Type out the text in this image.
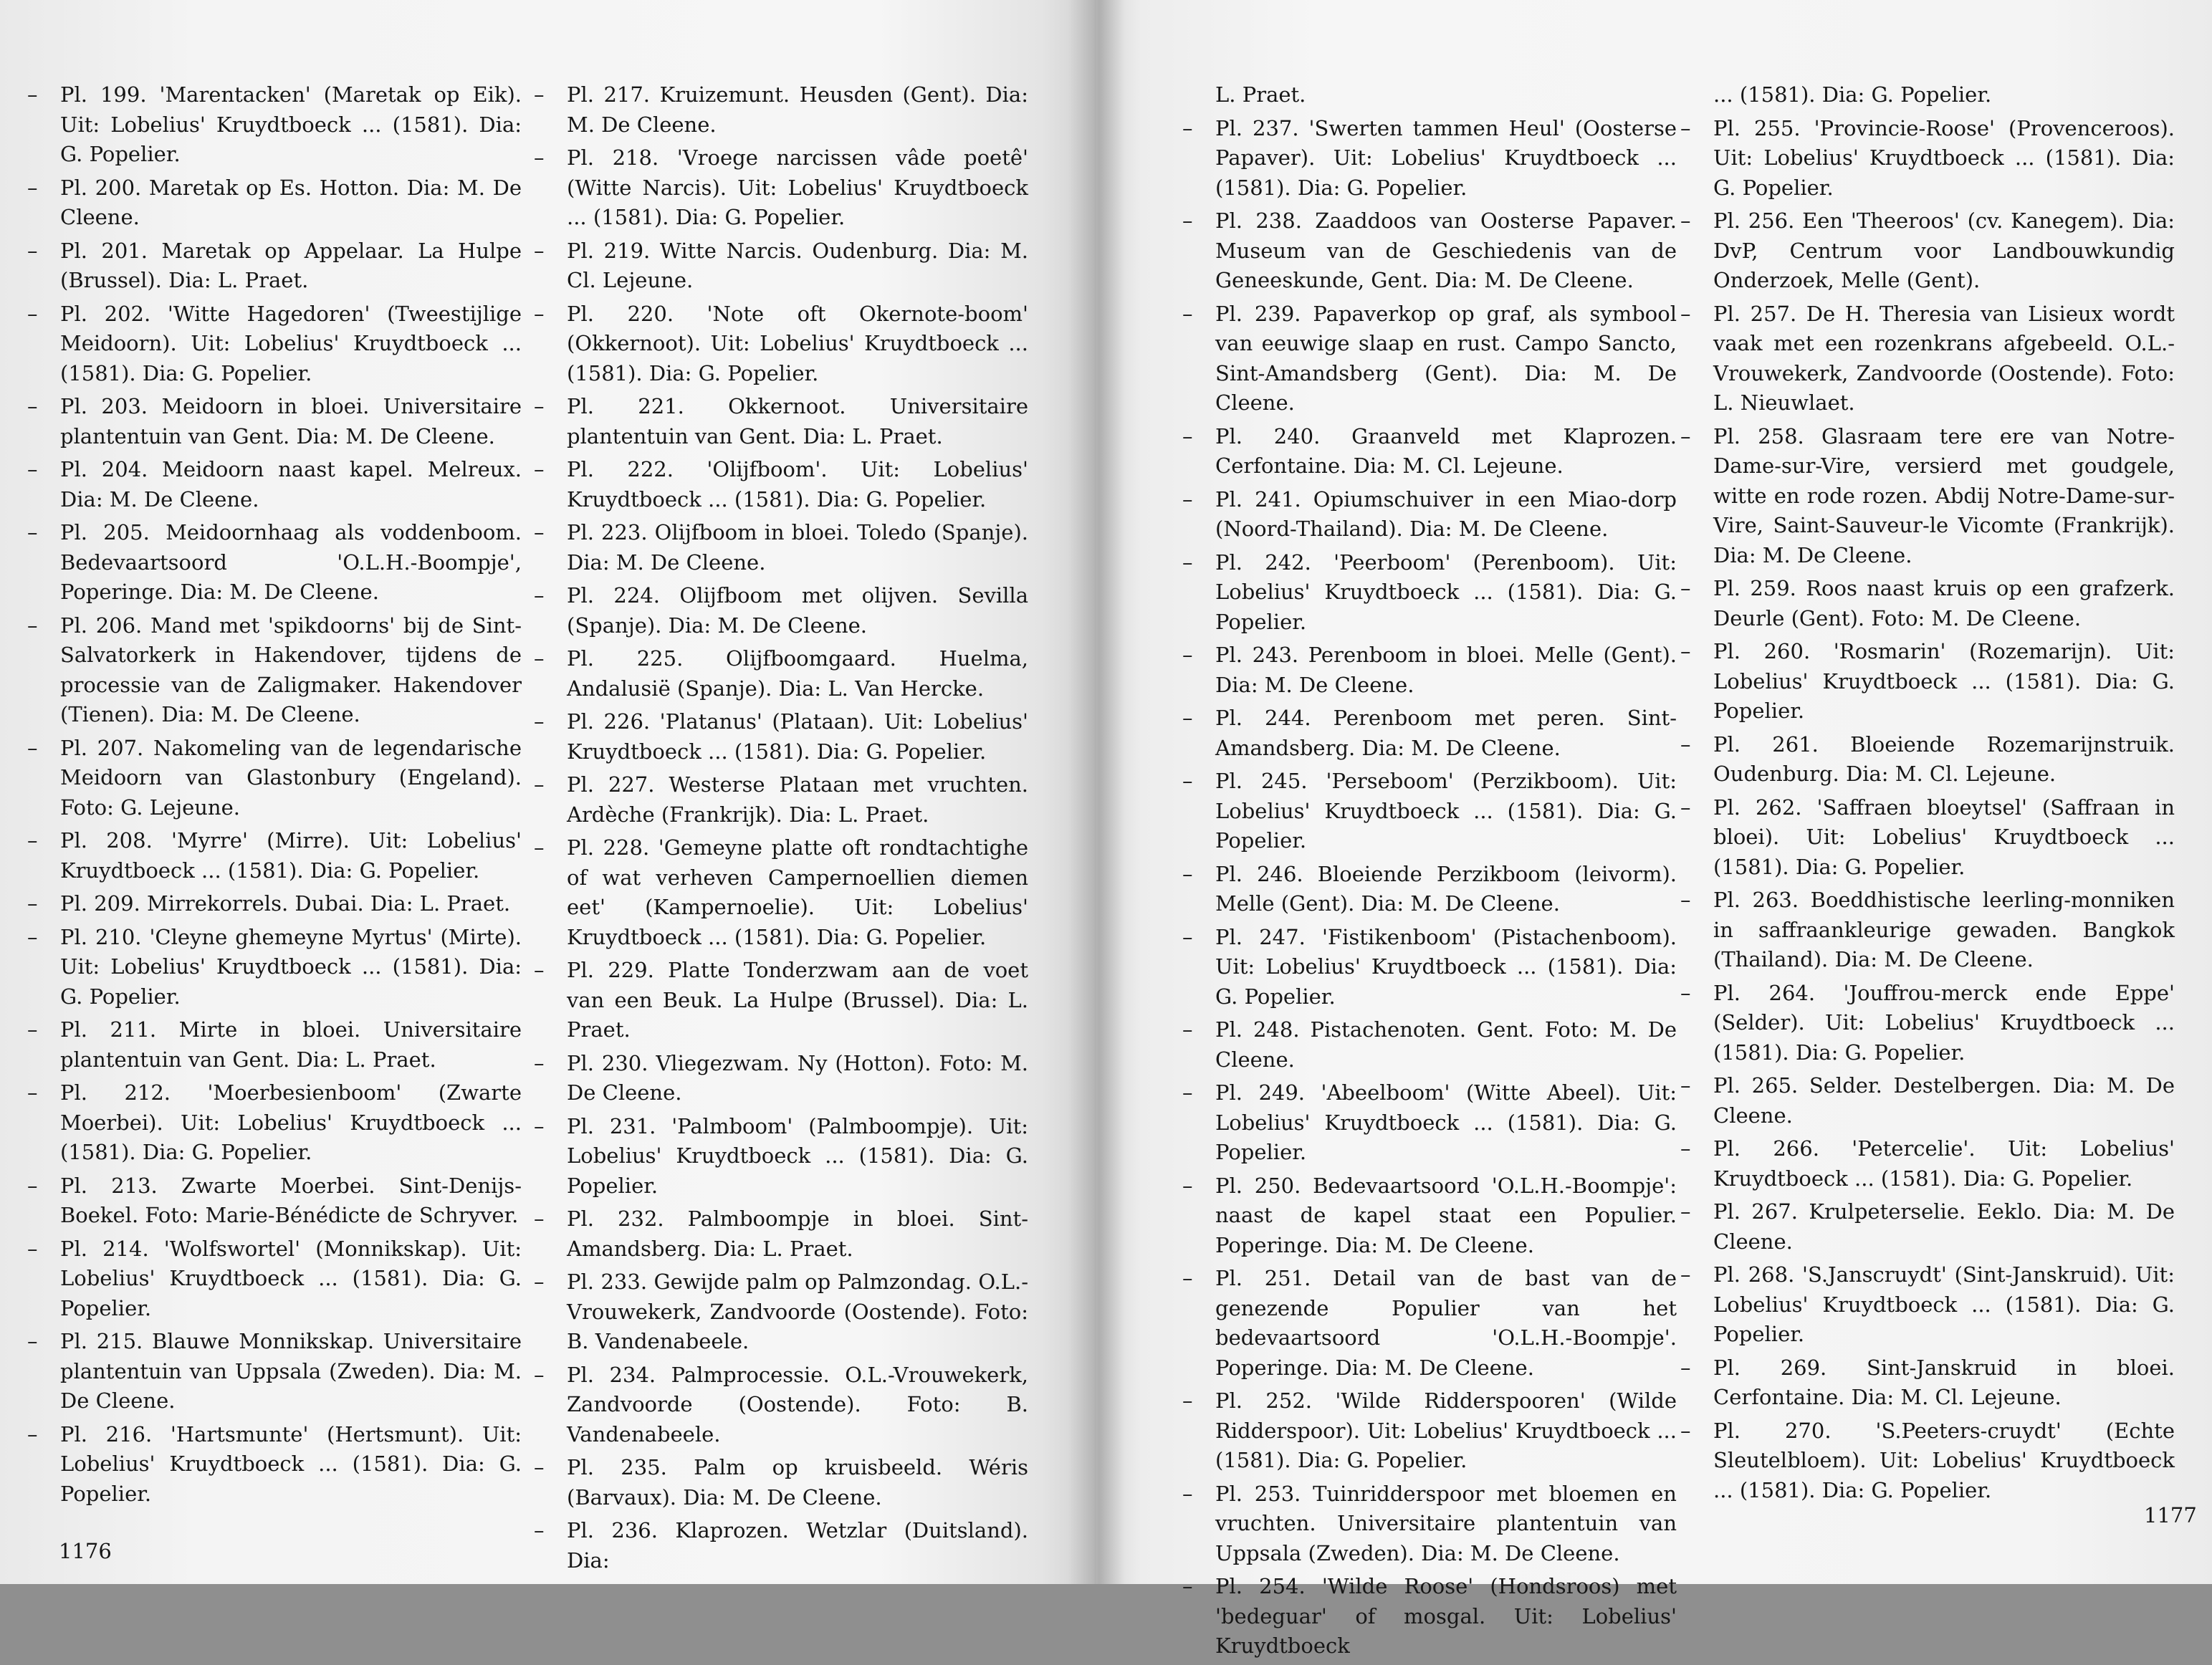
– Pl. 199. 'Marentacken' (Maretak op Eik). Uit: Lobelius' Kruydtboeck ... (1581). Dia: G. Popelier.

– Pl. 200. Maretak op Es. Hotton. Dia: M. De Cleene.

– Pl. 201. Maretak op Appelaar. La Hulpe (Brussel). Dia: L. Praet.

– Pl. 202. 'Witte Hagedoren' (Tweestijlige Meidoorn). Uit: Lobelius' Kruydtboeck ... (1581). Dia: G. Popelier.

– Pl. 203. Meidoorn in bloei. Universitaire plantentuin van Gent. Dia: M. De Cleene.

– Pl. 204. Meidoorn naast kapel. Melreux. Dia: M. De Cleene.

– Pl. 205. Meidoornhaag als voddenboom. Bedevaartsoord 'O.L.H.-Boompje', Poperinge. Dia: M. De Cleene.

– Pl. 206. Mand met 'spikdoorns' bij de Sint-Salvatorkerk in Hakendover, tijdens de processie van de Zaligmaker. Hakendover (Tienen). Dia: M. De Cleene.

– Pl. 207. Nakomeling van de legendarische Meidoorn van Glastonbury (Engeland). Foto: G. Lejeune.

– Pl. 208. 'Myrre' (Mirre). Uit: Lobelius' Kruydtboeck ... (1581). Dia: G. Popelier.

– Pl. 209. Mirrekorrels. Dubai. Dia: L. Praet.

– Pl. 210. 'Cleyne ghemeyne Myrtus' (Mirte). Uit: Lobelius' Kruydtboeck ... (1581). Dia: G. Popelier.

– Pl. 211. Mirte in bloei. Universitaire plantentuin van Gent. Dia: L. Praet.

– Pl. 212. 'Moerbesienboom' (Zwarte Moerbei). Uit: Lobelius' Kruydtboeck ... (1581). Dia: G. Popelier.

– Pl. 213. Zwarte Moerbei. Sint-Denijs-Boekel. Foto: Marie-Bénédicte de Schryver.

– Pl. 214. 'Wolfswortel' (Monnikskap). Uit: Lobelius' Kruydtboeck ... (1581). Dia: G. Popelier.

– Pl. 215. Blauwe Monnikskap. Universitaire plantentuin van Uppsala (Zweden). Dia: M. De Cleene.

– Pl. 216. 'Hartsmunte' (Hertsmunt). Uit: Lobelius' Kruydtboeck ... (1581). Dia: G. Popelier.

– Pl. 217. Kruizemunt. Heusden (Gent). Dia: M. De Cleene.

– Pl. 218. 'Vroege narcissen vâde poetê' (Witte Narcis). Uit: Lobelius' Kruydtboeck ... (1581). Dia: G. Popelier.

– Pl. 219. Witte Narcis. Oudenburg. Dia: M. Cl. Lejeune.

– Pl. 220. 'Note oft Okernote-boom' (Okkernoot). Uit: Lobelius' Kruydtboeck ... (1581). Dia: G. Popelier.

– Pl. 221. Okkernoot. Universitaire plantentuin van Gent. Dia: L. Praet.

– Pl. 222. 'Olijfboom'. Uit: Lobelius' Kruydtboeck ... (1581). Dia: G. Popelier.

– Pl. 223. Olijfboom in bloei. Toledo (Spanje). Dia: M. De Cleene.

– Pl. 224. Olijfboom met olijven. Sevilla (Spanje). Dia: M. De Cleene.

– Pl. 225. Olijfboomgaard. Huelma, Andalusië (Spanje). Dia: L. Van Hercke.

– Pl. 226. 'Platanus' (Plataan). Uit: Lobelius' Kruydtboeck ... (1581). Dia: G. Popelier.

– Pl. 227. Westerse Plataan met vruchten. Ardèche (Frankrijk). Dia: L. Praet.

– Pl. 228. 'Gemeyne platte oft rondtachtighe of wat verheven Campernoellien diemen eet' (Kampernoelie). Uit: Lobelius' Kruydtboeck ... (1581). Dia: G. Popelier.

– Pl. 229. Platte Tonderzwam aan de voet van een Beuk. La Hulpe (Brussel). Dia: L. Praet.

– Pl. 230. Vliegezwam. Ny (Hotton). Foto: M. De Cleene.

– Pl. 231. 'Palmboom' (Palmboompje). Uit: Lobelius' Kruydtboeck ... (1581). Dia: G. Popelier.

– Pl. 232. Palmboompje in bloei. Sint-Amandsberg. Dia: L. Praet.

– Pl. 233. Gewijde palm op Palmzondag. O.L.-Vrouwekerk, Zandvoorde (Oostende). Foto: B. Vandenabeele.

– Pl. 234. Palmprocessie. O.L.-Vrouwekerk, Zandvoorde (Oostende). Foto: B. Vandenabeele.

– Pl. 235. Palm op kruisbeeld. Wéris (Barvaux). Dia: M. De Cleene.

– Pl. 236. Klaprozen. Wetzlar (Duitsland). Dia:

1176
L. Praet.

– Pl. 237. 'Swerten tammen Heul' (Oosterse Papaver). Uit: Lobelius' Kruydtboeck ... (1581). Dia: G. Popelier.

– Pl. 238. Zaaddoos van Oosterse Papaver. Museum van de Geschiedenis van de Geneeskunde, Gent. Dia: M. De Cleene.

– Pl. 239. Papaverkop op graf, als symbool van eeuwige slaap en rust. Campo Sancto, Sint-Amandsberg (Gent). Dia: M. De Cleene.

– Pl. 240. Graanveld met Klaprozen. Cerfontaine. Dia: M. Cl. Lejeune.

– Pl. 241. Opiumschuiver in een Miao-dorp (Noord-Thailand). Dia: M. De Cleene.

– Pl. 242. 'Peerboom' (Perenboom). Uit: Lobelius' Kruydtboeck ... (1581). Dia: G. Popelier.

– Pl. 243. Perenboom in bloei. Melle (Gent). Dia: M. De Cleene.

– Pl. 244. Perenboom met peren. Sint-Amandsberg. Dia: M. De Cleene.

– Pl. 245. 'Perseboom' (Perzikboom). Uit: Lobelius' Kruydtboeck ... (1581). Dia: G. Popelier.

– Pl. 246. Bloeiende Perzikboom (leivorm). Melle (Gent). Dia: M. De Cleene.

– Pl. 247. 'Fistikenboom' (Pistachenboom). Uit: Lobelius' Kruydtboeck ... (1581). Dia: G. Popelier.

– Pl. 248. Pistachenoten. Gent. Foto: M. De Cleene.

– Pl. 249. 'Abeelboom' (Witte Abeel). Uit: Lobelius' Kruydtboeck ... (1581). Dia: G. Popelier.

– Pl. 250. Bedevaartsoord 'O.L.H.-Boompje': naast de kapel staat een Populier. Poperinge. Dia: M. De Cleene.

– Pl. 251. Detail van de bast van de genezende Populier van het bedevaartsoord 'O.L.H.-Boompje'. Poperinge. Dia: M. De Cleene.

– Pl. 252. 'Wilde Ridderspooren' (Wilde Ridderspoor). Uit: Lobelius' Kruydtboeck ... (1581). Dia: G. Popelier.

– Pl. 253. Tuinridderspoor met bloemen en vruchten. Universitaire plantentuin van Uppsala (Zweden). Dia: M. De Cleene.

– Pl. 254. 'Wilde Roose' (Hondsroos) met 'bedeguar' of mosgal. Uit: Lobelius' Kruydtboeck

... (1581). Dia: G. Popelier.

– Pl. 255. 'Provincie-Roose' (Provenceroos). Uit: Lobelius' Kruydtboeck ... (1581). Dia: G. Popelier.

– Pl. 256. Een 'Theeroos' (cv. Kanegem). Dia: DvP, Centrum voor Landbouwkundig Onderzoek, Melle (Gent).

– Pl. 257. De H. Theresia van Lisieux wordt vaak met een rozenkrans afgebeeld. O.L.-Vrouwekerk, Zandvoorde (Oostende). Foto: L. Nieuwlaet.

– Pl. 258. Glasraam tere ere van Notre-Dame-sur-Vire, versierd met goudgele, witte en rode rozen. Abdij Notre-Dame-sur-Vire, Saint-Sauveur-le Vicomte (Frankrijk). Dia: M. De Cleene.

– Pl. 259. Roos naast kruis op een grafzerk. Deurle (Gent). Foto: M. De Cleene.

– Pl. 260. 'Rosmarin' (Rozemarijn). Uit: Lobelius' Kruydtboeck ... (1581). Dia: G. Popelier.

– Pl. 261. Bloeiende Rozemarijnstruik. Oudenburg. Dia: M. Cl. Lejeune.

– Pl. 262. 'Saffraen bloeytsel' (Saffraan in bloei). Uit: Lobelius' Kruydtboeck ... (1581). Dia: G. Popelier.

– Pl. 263. Boeddhistische leerling-monniken in saffraankleurige gewaden. Bangkok (Thailand). Dia: M. De Cleene.

– Pl. 264. 'Jouffrou-merck ende Eppe' (Selder). Uit: Lobelius' Kruydtboeck ... (1581). Dia: G. Popelier.

– Pl. 265. Selder. Destelbergen. Dia: M. De Cleene.

– Pl. 266. 'Petercelie'. Uit: Lobelius' Kruydtboeck ... (1581). Dia: G. Popelier.

– Pl. 267. Krulpeterselie. Eeklo. Dia: M. De Cleene.

– Pl. 268. 'S.Janscruydt' (Sint-Janskruid). Uit: Lobelius' Kruydtboeck ... (1581). Dia: G. Popelier.

– Pl. 269. Sint-Janskruid in bloei. Cerfontaine. Dia: M. Cl. Lejeune.

– Pl. 270. 'S.Peeters-cruydt' (Echte Sleutelbloem). Uit: Lobelius' Kruydtboeck ... (1581). Dia: G. Popelier.

1177
